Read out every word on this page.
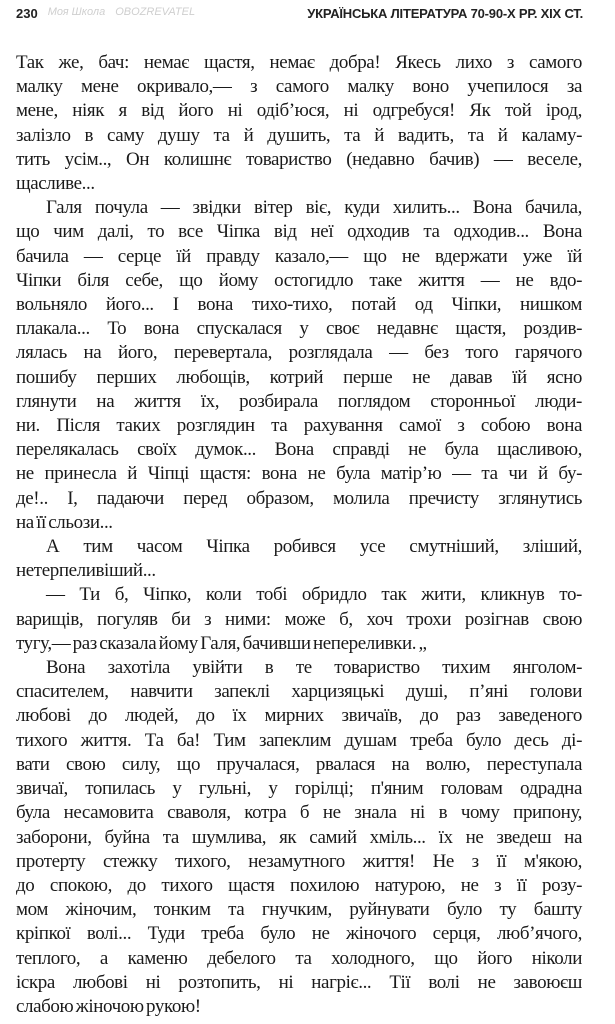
230 Моя Школа OBOZREVATEL	УКРАЇНСЬКА ЛІТЕРАТУРА 70-90-Х РР. XIX СТ.
Так же, бач: немає щастя, немає добра! Якесь лихо з самого
малку мене окривало,— з самого малку воно учепилося за
мене, ніяк я від його ні одіб’юся, ні одгребуся! Як той ірод,
залізло в саму душу та й душить, та й вадить, та й каламу-
тить усім.., Он колишнє товариство (недавно бачив) — веселе,
щасливе...
Галя почула — звідки вітер віє, куди хилить... Вона бачила,
що чим далі, то все Чіпка від неї одходив та одходив... Вона
бачила — серце їй правду казало,— що не вдержати уже їй
Чіпки біля себе, що йому остогидло таке життя — не вдо-
вольняло його... І вона тихо-тихо, потай од Чіпки, нишком
плакала... То вона спускалася у своє недавнє щастя, роздив-
лялась на його, перевертала, розглядала — без того гарячого
пошибу перших любощів, котрий перше не давав їй ясно
глянути на життя їх, розбирала поглядом сторонньої люди-
ни. Після таких розглядин та рахування самої з собою вона
перелякалась своїх думок... Вона справді не була щасливою,
не принесла й Чіпці щастя: вона не була матір’ю — та чи й бу-
де!.. І, падаючи перед образом, молила пречисту зглянутись
на її сльози...
А тим часом Чіпка робився усе смутніший, зліший,
нетерпеливіший...
— Ти б, Чіпко, коли тобі обридло так жити, кликнув то-
варищів, погуляв би з ними: може б, хоч трохи розігнав свою
тугу,— раз сказала йому Галя, бачивши непереливки. „
Вона захотіла увійти в те товариство тихим янголом-
спасителем, навчити запеклі харцизяцькі душі, п’яні голови
любові до людей, до їх мирних звичаїв, до раз заведеного
тихого життя. Та ба! Тим запеклим душам треба було десь ді-
вати свою силу, що пручалася, рвалася на волю, переступала
звичаї, топилась у гульні, у горілці; п'яним головам одрадна
була несамовита сваволя, котра б не знала ні в чому припону,
заборони, буйна та шумлива, як самий хміль... їх не зведеш на
протерту стежку тихого, незамутного життя! Не з її м'якою,
до спокою, до тихого щастя похилою натурою, не з її розу-
мом жіночим, тонким та гнучким, руйнувати було ту башту
кріпкої волі... Туди треба було не жіночого серця, люб’ячого,
теплого, а каменю дебелого та холодного, що його ніколи
іскра любові ні розтопить, ні нагріє... Тії волі не завоюєш
слабою жіночою рукою!
